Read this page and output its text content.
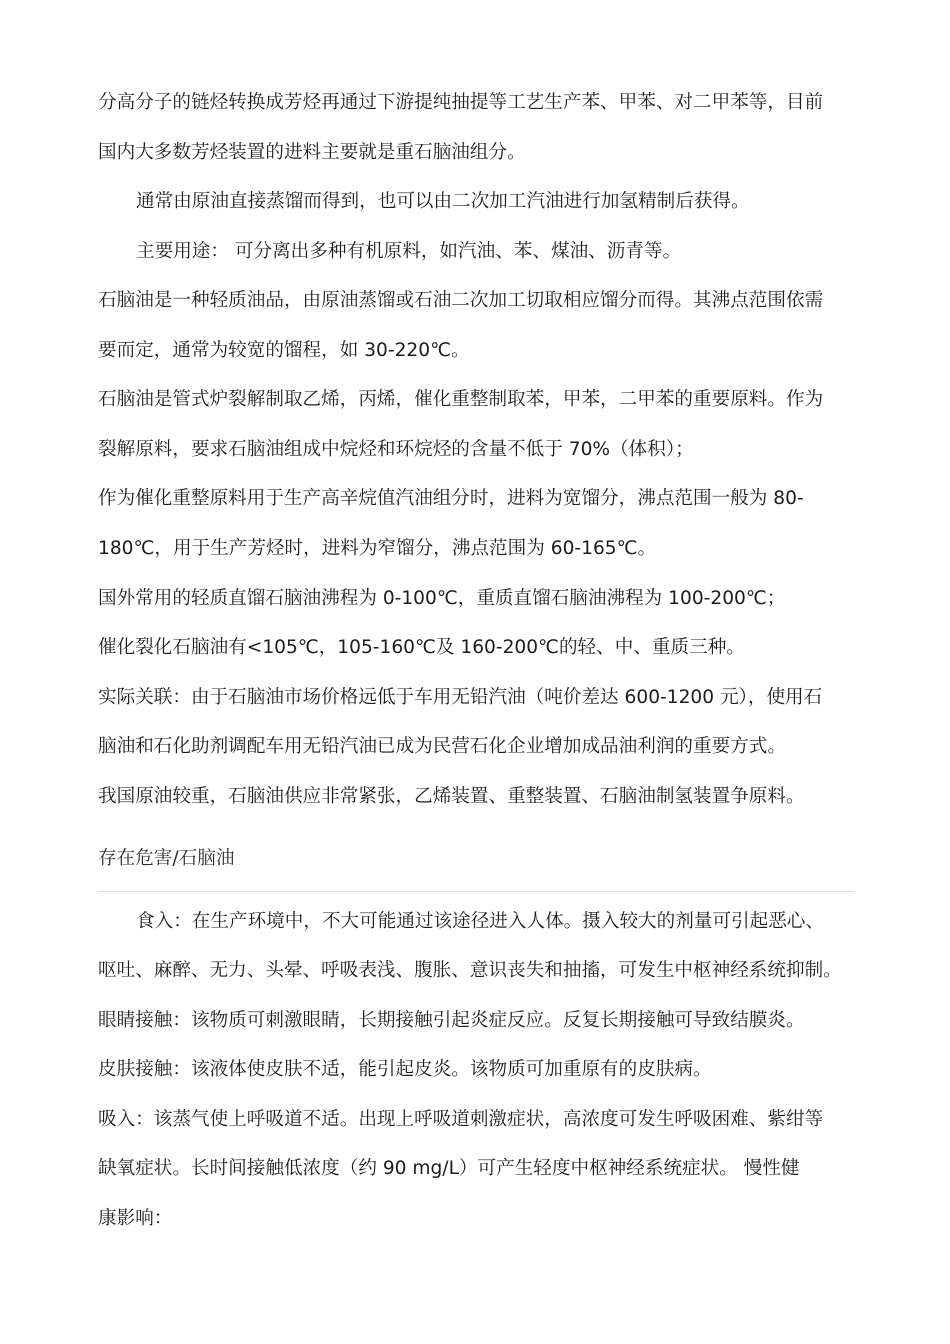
分高分子的链烃转换成芳烃再通过下游提纯抽提等工艺生产苯、甲苯、对二甲苯等，目前
国内大多数芳烃装置的进料主要就是重石脑油组分。
通常由原油直接蒸馏而得到，也可以由二次加工汽油进行加氢精制后获得。
主要用途： 可分离出多种有机原料，如汽油、苯、煤油、沥青等。
石脑油是一种轻质油品，由原油蒸馏或石油二次加工切取相应馏分而得。其沸点范围依需
要而定，通常为较宽的馏程，如 30-220℃。
石脑油是管式炉裂解制取乙烯，丙烯，催化重整制取苯，甲苯，二甲苯的重要原料。作为
裂解原料，要求石脑油组成中烷烃和环烷烃的含量不低于 70%（体积）；
作为催化重整原料用于生产高辛烷值汽油组分时，进料为宽馏分，沸点范围一般为 80-
180℃，用于生产芳烃时，进料为窄馏分，沸点范围为 60-165℃。
国外常用的轻质直馏石脑油沸程为 0-100℃，重质直馏石脑油沸程为 100-200℃；
催化裂化石脑油有<105℃，105-160℃及 160-200℃的轻、中、重质三种。
实际关联：由于石脑油市场价格远低于车用无铅汽油（吨价差达 600-1200 元），使用石
脑油和石化助剂调配车用无铅汽油已成为民营石化企业增加成品油利润的重要方式。
我国原油较重，石脑油供应非常紧张，乙烯装置、重整装置、石脑油制氢装置争原料。
存在危害/石脑油
食入：在生产环境中，不大可能通过该途径进入人体。摄入较大的剂量可引起恶心、
呕吐、麻醉、无力、头晕、呼吸表浅、腹胀、意识丧失和抽搐，可发生中枢神经系统抑制。
眼睛接触：该物质可刺激眼睛，长期接触引起炎症反应。反复长期接触可导致结膜炎。
皮肤接触：该液体使皮肤不适，能引起皮炎。该物质可加重原有的皮肤病。
吸入：该蒸气使上呼吸道不适。出现上呼吸道刺激症状，高浓度可发生呼吸困难、紫绀等
缺氧症状。长时间接触低浓度（约 90 mg/L）可产生轻度中枢神经系统症状。 慢性健
康影响：
